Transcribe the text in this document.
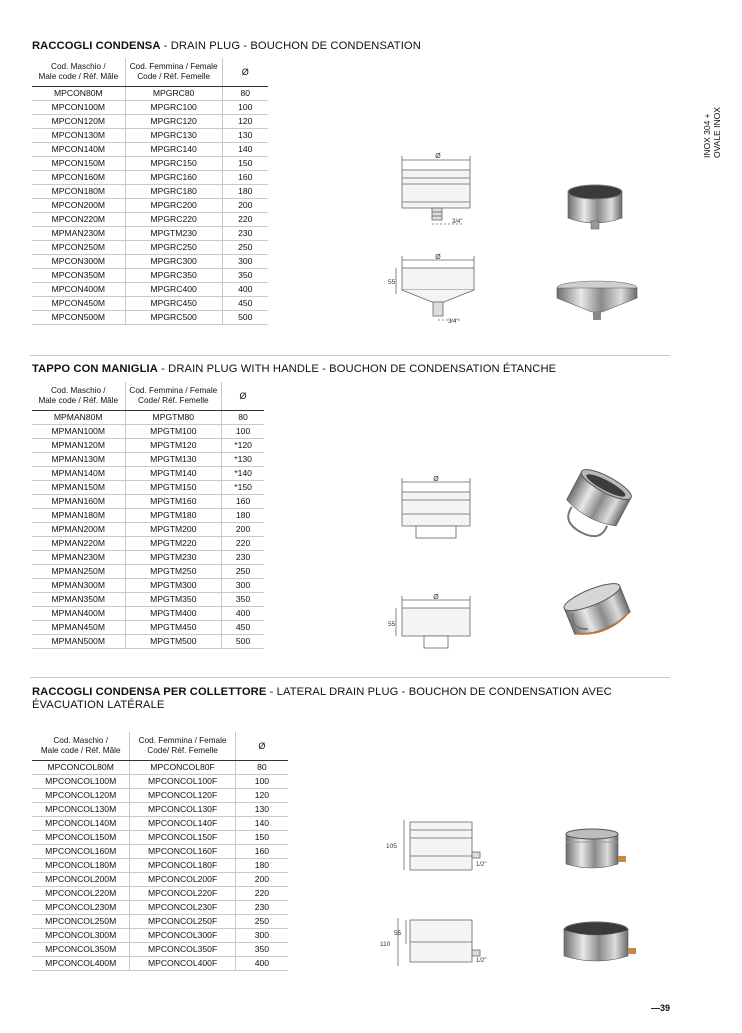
INOX 304 + OVALE INOX
RACCOGLI CONDENSA - DRAIN PLUG - BOUCHON DE CONDENSATION
Cod. Maschio /
Male code / Réf. Mâle	Cod. Femmina / Female
Code / Réf. Femelle	Ø
MPCON80M	MPGRC80	80
MPCON100M	MPGRC100	100
MPCON120M	MPGRC120	120
MPCON130M	MPGRC130	130
MPCON140M	MPGRC140	140
MPCON150M	MPGRC150	150
MPCON160M	MPGRC160	160
MPCON180M	MPGRC180	180
MPCON200M	MPGRC200	200
MPCON220M	MPGRC220	220
MPMAN230M	MPGTM230	230
MPCON250M	MPGRC250	250
MPCON300M	MPGRC300	300
MPCON350M	MPGRC350	350
MPCON400M	MPGRC400	400
MPCON450M	MPGRC450	450
MPCON500M	MPGRC500	500
Ø
3/4"
Ø
55
3/4"
TAPPO CON MANIGLIA - DRAIN PLUG WITH HANDLE - BOUCHON DE CONDENSATION ÉTANCHE
Cod. Maschio /
Male code / Réf. Mâle	Cod. Femmina / Female
Code/ Réf. Femelle	Ø
MPMAN80M	MPGTM80	80
MPMAN100M	MPGTM100	100
MPMAN120M	MPGTM120	*120
MPMAN130M	MPGTM130	*130
MPMAN140M	MPGTM140	*140
MPMAN150M	MPGTM150	*150
MPMAN160M	MPGTM160	160
MPMAN180M	MPGTM180	180
MPMAN200M	MPGTM200	200
MPMAN220M	MPGTM220	220
MPMAN230M	MPGTM230	230
MPMAN250M	MPGTM250	250
MPMAN300M	MPGTM300	300
MPMAN350M	MPGTM350	350
MPMAN400M	MPGTM400	400
MPMAN450M	MPGTM450	450
MPMAN500M	MPGTM500	500
Ø
Ø
55
RACCOGLI CONDENSA PER COLLETTORE - LATERAL DRAIN PLUG - BOUCHON DE CONDENSATION AVEC
ÉVACUATION LATÉRALE
Cod. Maschio /
Male code / Réf. Mâle	Cod. Femmina / Female
Code/ Réf. Femelle	Ø
MPCONCOL80M	MPCONCOL80F	80
MPCONCOL100M	MPCONCOL100F	100
MPCONCOL120M	MPCONCOL120F	120
MPCONCOL130M	MPCONCOL130F	130
MPCONCOL140M	MPCONCOL140F	140
MPCONCOL150M	MPCONCOL150F	150
MPCONCOL160M	MPCONCOL160F	160
MPCONCOL180M	MPCONCOL180F	180
MPCONCOL200M	MPCONCOL200F	200
MPCONCOL220M	MPCONCOL220F	220
MPCONCOL230M	MPCONCOL230F	230
MPCONCOL250M	MPCONCOL250F	250
MPCONCOL300M	MPCONCOL300F	300
MPCONCOL350M	MPCONCOL350F	350
MPCONCOL400M	MPCONCOL400F	400
105
1/2"
110
55
1/2"
—39
